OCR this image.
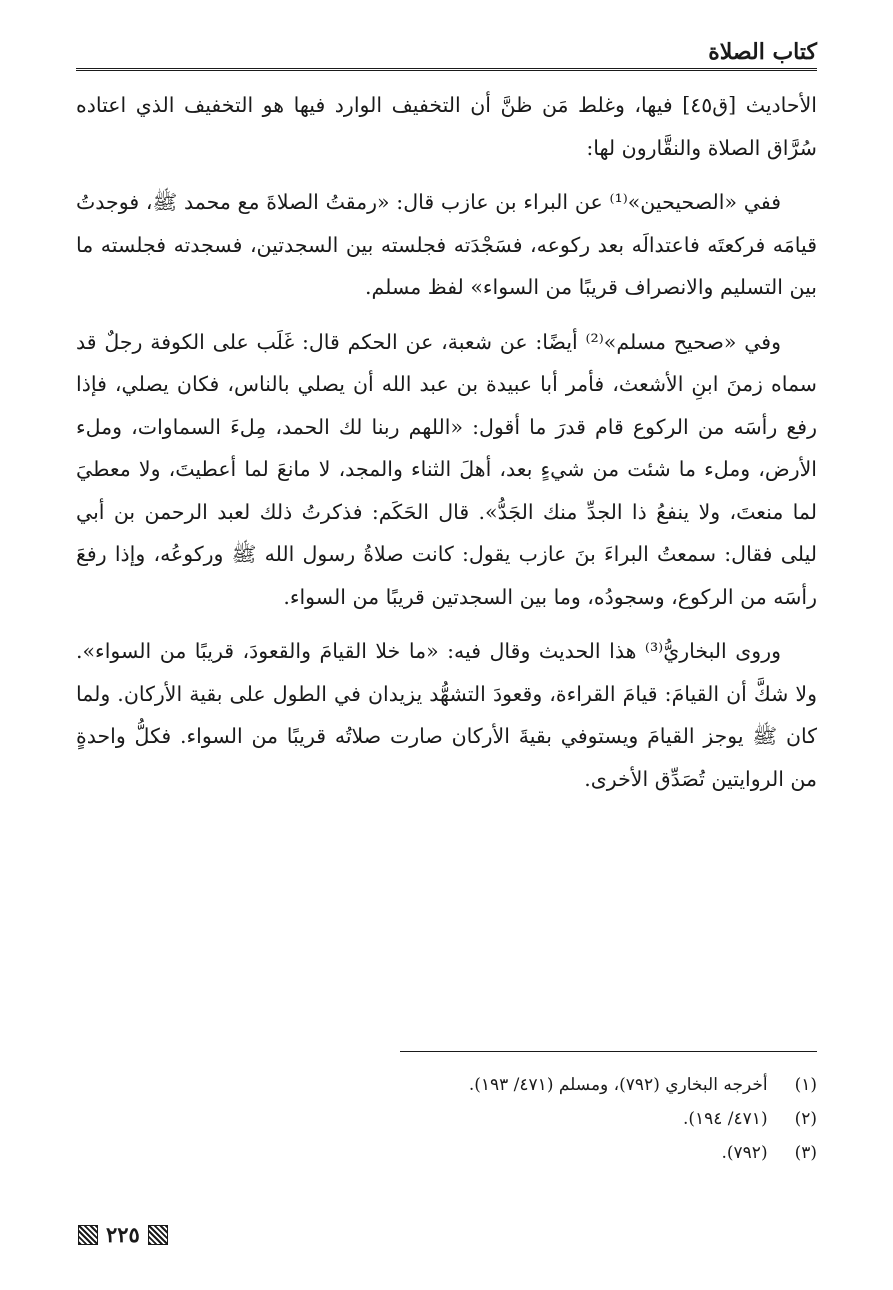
كتاب الصلاة

الأحاديث [ق٤٥] فيها، وغلط مَن ظنَّ أن التخفيف الوارد فيها هو التخفيف الذي اعتاده سُرَّاق الصلاة والنقَّارون لها:

ففي «الصحيحين»⁽¹⁾ عن البراء بن عازب قال: «رمقتُ الصلاةَ مع محمد ﷺ، فوجدتُ قيامَه فركعتَه فاعتدالَه بعد ركوعه، فسَجْدَته فجلسته بين السجدتين، فسجدته فجلسته ما بين التسليم والانصراف قريبًا من السواء» لفظ مسلم.

وفي «صحيح مسلم»⁽²⁾ أيضًا: عن شعبة، عن الحكم قال: غَلَب على الكوفة رجلٌ قد سماه زمنَ ابنِ الأشعث، فأمر أبا عبيدة بن عبد الله أن يصلي بالناس، فكان يصلي، فإذا رفع رأسَه من الركوع قام قدرَ ما أقول: «اللهم ربنا لك الحمد، مِلءَ السماوات، وملء الأرض، وملء ما شئت من شيءٍ بعد، أهلَ الثناء والمجد، لا مانعَ لما أعطيتَ، ولا معطيَ لما منعتَ، ولا ينفعُ ذا الجدِّ منك الجَدُّ». قال الحَكَم: فذكرتُ ذلك لعبد الرحمن بن أبي ليلى فقال: سمعتُ البراءَ بنَ عازب يقول: كانت صلاةُ رسول الله ﷺ وركوعُه، وإذا رفعَ رأسَه من الركوع، وسجودُه، وما بين السجدتين قريبًا من السواء.

وروى البخاريُّ⁽³⁾ هذا الحديث وقال فيه: «ما خلا القيامَ والقعودَ، قريبًا من السواء». ولا شكَّ أن القيامَ: قيامَ القراءة، وقعودَ التشهُّد يزيدان في الطول على بقية الأركان. ولما كان ﷺ يوجز القيامَ ويستوفي بقيةَ الأركان صارت صلاتُه قريبًا من السواء. فكلُّ واحدةٍ من الروايتين تُصَدِّق الأخرى.

(١) أخرجه البخاري (٧٩٢)، ومسلم (٤٧١/ ١٩٣).
(٢) (٤٧١/ ١٩٤).
(٣) (٧٩٢).
٢٢٥
